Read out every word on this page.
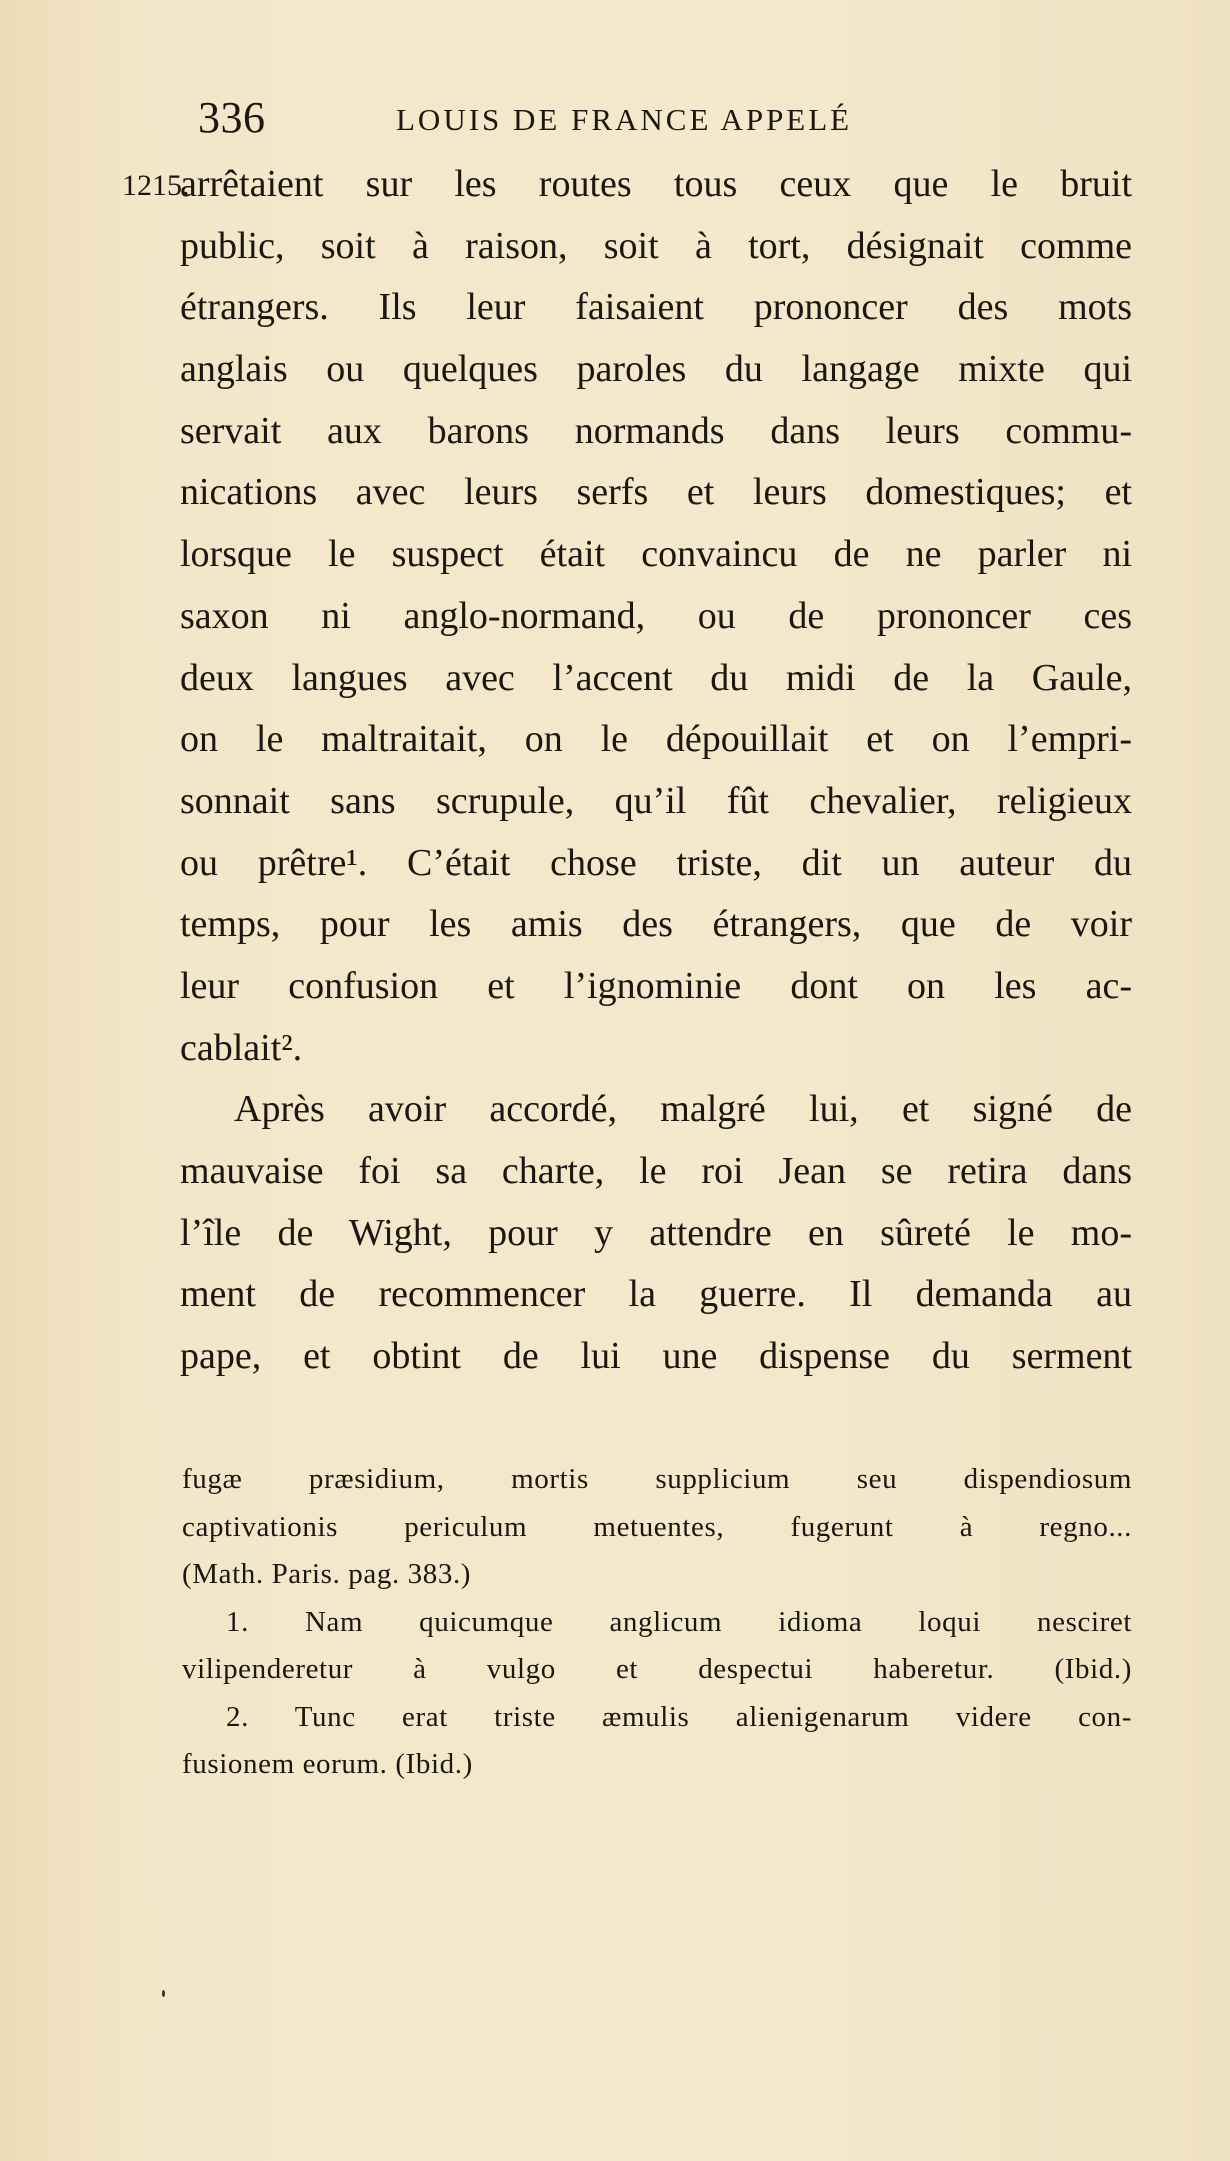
336	LOUIS DE FRANCE APPELÉ
1215.
arrêtaient sur les routes tous ceux que le bruit
public, soit à raison, soit à tort, désignait comme
étrangers. Ils leur faisaient prononcer des mots
anglais ou quelques paroles du langage mixte qui
servait aux barons normands dans leurs commu-
nications avec leurs serfs et leurs domestiques; et
lorsque le suspect était convaincu de ne parler ni
saxon ni anglo-normand, ou de prononcer ces
deux langues avec l’accent du midi de la Gaule,
on le maltraitait, on le dépouillait et on l’empri-
sonnait sans scrupule, qu’il fût chevalier, religieux
ou prêtre¹. C’était chose triste, dit un auteur du
temps, pour les amis des étrangers, que de voir
leur confusion et l’ignominie dont on les ac-
cablait².
Après avoir accordé, malgré lui, et signé de
mauvaise foi sa charte, le roi Jean se retira dans
l’île de Wight, pour y attendre en sûreté le mo-
ment de recommencer la guerre. Il demanda au
pape, et obtint de lui une dispense du serment
fugæ præsidium, mortis supplicium seu dispendiosum
captivationis periculum metuentes, fugerunt à regno...
(Math. Paris. pag. 383.)
1. Nam quicumque anglicum idioma loqui nesciret
vilipenderetur à vulgo et despectui haberetur. (Ibid.)
2. Tunc erat triste æmulis alienigenarum videre con-
fusionem eorum. (Ibid.)
